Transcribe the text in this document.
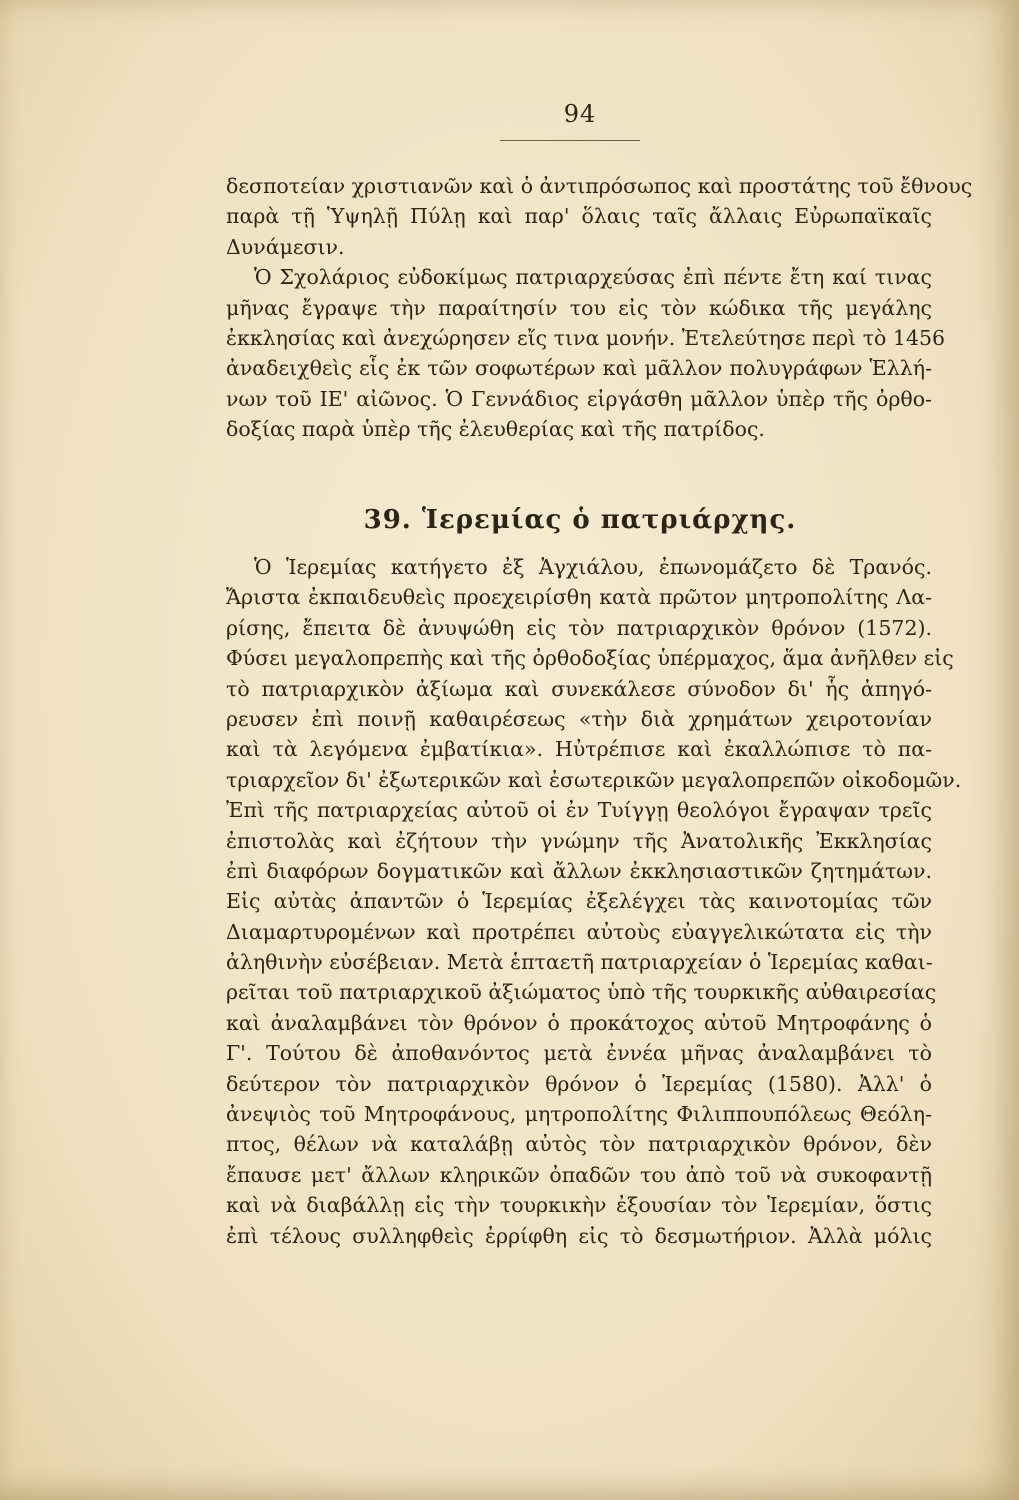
94
δεσποτείαν χριστιανῶν καὶ ὁ ἀντιπρόσωπος καὶ προστάτης τοῦ ἔθνους
παρὰ τῇ Ὑψηλῇ Πύλῃ καὶ παρ' ὅλαις ταῖς ἄλλαις Εὐρωπαϊκαῖς
Δυνάμεσιν.
Ὁ Σχολάριος εὐδοκίμως πατριαρχεύσας ἐπὶ πέντε ἔτη καί τινας
μῆνας ἔγραψε τὴν παραίτησίν του εἰς τὸν κώδικα τῆς μεγάλης
ἐκκλησίας καὶ ἀνεχώρησεν εἴς τινα μονήν. Ἐτελεύτησε περὶ τὸ 1456
ἀναδειχθεὶς εἷς ἐκ τῶν σοφωτέρων καὶ μᾶλλον πολυγράφων Ἑλλή-
νων τοῦ ΙΕ' αἰῶνος. Ὁ Γεννάδιος εἰργάσθη μᾶλλον ὑπὲρ τῆς ὀρθο-
δοξίας παρὰ ὑπὲρ τῆς ἐλευθερίας καὶ τῆς πατρίδος.
39. Ἱερεμίας ὁ πατριάρχης.
Ὁ Ἱερεμίας κατήγετο ἐξ Ἀγχιάλου, ἐπωνομάζετο δὲ Τρανός.
Ἄριστα ἐκπαιδευθεὶς προεχειρίσθη κατὰ πρῶτον μητροπολίτης Λα-
ρίσης, ἔπειτα δὲ ἀνυψώθη εἰς τὸν πατριαρχικὸν θρόνον (1572).
Φύσει μεγαλοπρεπὴς καὶ τῆς ὀρθοδοξίας ὑπέρμαχος, ἅμα ἀνῆλθεν εἰς
τὸ πατριαρχικὸν ἀξίωμα καὶ συνεκάλεσε σύνοδον δι' ἧς ἀπηγό-
ρευσεν ἐπὶ ποινῇ καθαιρέσεως «τὴν διὰ χρημάτων χειροτονίαν
καὶ τὰ λεγόμενα ἐμβατίκια». Ηὐτρέπισε καὶ ἐκαλλώπισε τὸ πα-
τριαρχεῖον δι' ἐξωτερικῶν καὶ ἐσωτερικῶν μεγαλοπρεπῶν οἰκοδομῶν.
Ἐπὶ τῆς πατριαρχείας αὐτοῦ οἱ ἐν Τυίγγῃ θεολόγοι ἔγραψαν τρεῖς
ἐπιστολὰς καὶ ἐζήτουν τὴν γνώμην τῆς Ἀνατολικῆς Ἐκκλησίας
ἐπὶ διαφόρων δογματικῶν καὶ ἄλλων ἐκκλησιαστικῶν ζητημάτων.
Εἰς αὐτὰς ἀπαντῶν ὁ Ἱερεμίας ἐξελέγχει τὰς καινοτομίας τῶν
Διαμαρτυρομένων καὶ προτρέπει αὐτοὺς εὐαγγελικώτατα εἰς τὴν
ἀληθινὴν εὐσέβειαν. Μετὰ ἑπταετῆ πατριαρχείαν ὁ Ἱερεμίας καθαι-
ρεῖται τοῦ πατριαρχικοῦ ἀξιώματος ὑπὸ τῆς τουρκικῆς αὐθαιρεσίας
καὶ ἀναλαμβάνει τὸν θρόνον ὁ προκάτοχος αὐτοῦ Μητροφάνης ὁ
Γ'. Τούτου δὲ ἀποθανόντος μετὰ ἐννέα μῆνας ἀναλαμβάνει τὸ
δεύτερον τὸν πατριαρχικὸν θρόνον ὁ Ἱερεμίας (1580). Ἀλλ' ὁ
ἀνεψιὸς τοῦ Μητροφάνους, μητροπολίτης Φιλιππουπόλεως Θεόλη-
πτος, θέλων νὰ καταλάβῃ αὐτὸς τὸν πατριαρχικὸν θρόνον, δὲν
ἔπαυσε μετ' ἄλλων κληρικῶν ὀπαδῶν του ἀπὸ τοῦ νὰ συκοφαντῇ
καὶ νὰ διαβάλλῃ εἰς τὴν τουρκικὴν ἐξουσίαν τὸν Ἱερεμίαν, ὅστις
ἐπὶ τέλους συλληφθεὶς ἐρρίφθη εἰς τὸ δεσμωτήριον. Ἀλλὰ μόλις
